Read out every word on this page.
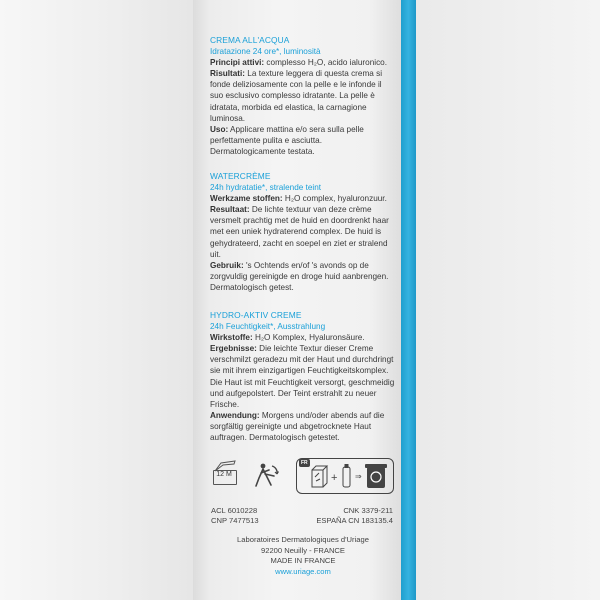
CREMA ALL'ACQUA
Idratazione 24 ore*, luminosità

Principi attivi: complesso H₂O, acido ialuronico.

Risultati: La texture leggera di questa crema si fonde deliziosamente con la pelle e le infonde il suo esclusivo complesso idratante. La pelle è idratata, morbida ed elastica, la carnagione luminosa.

Uso: Applicare mattina e/o sera sulla pelle perfettamente pulita e asciutta. Dermatologicamente testata.

WATERCRÈME
24h hydratatie*, stralende teint

Werkzame stoffen: H₂O complex, hyaluronzuur.

Resultaat: De lichte textuur van deze crème versmelt prachtig met de huid en doordrenkt haar met een uniek hydraterend complex. De huid is gehydrateerd, zacht en soepel en ziet er stralend uit.

Gebruik: 's Ochtends en/of 's avonds op de zorgvuldig gereinigde en droge huid aanbrengen. Dermatologisch getest.

HYDRO-AKTIV CREME
24h Feuchtigkeit*, Ausstrahlung

Wirkstoffe: H₂O Komplex, Hyaluronsäure.

Ergebnisse: Die leichte Textur dieser Creme verschmilzt geradezu mit der Haut und durchdringt sie mit ihrem einzigartigen Feuchtigkeitskomplex. Die Haut ist mit Feuchtigkeit versorgt, geschmeidig und aufgepolstert. Der Teint erstrahlt zu neuer Frische.

Anwendung: Morgens und/oder abends auf die sorgfältig gereinigte und abgetrocknete Haut auftragen. Dermatologisch getestet.

12 M
FR
+ ⇒
ACL 6010228
CNP 7477513
CNK 3379-211
ESPAÑA CN 183135.4
Laboratoires Dermatologiques d'Uriage
92200 Neuilly - FRANCE
MADE IN FRANCE
www.uriage.com
